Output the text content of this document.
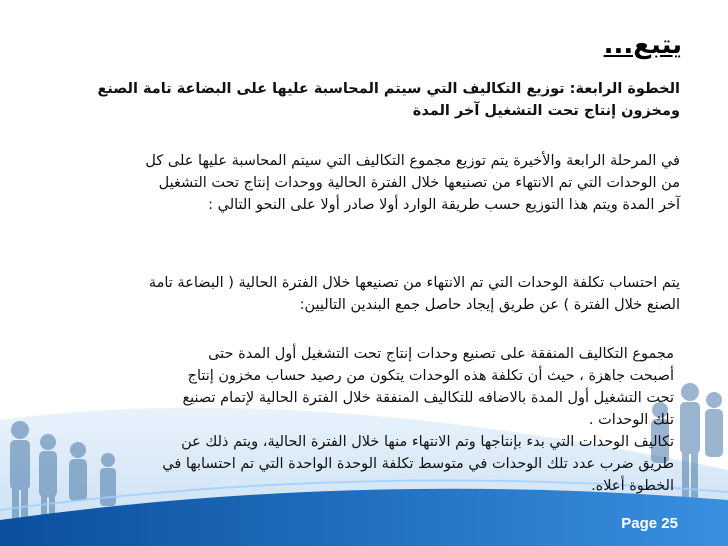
يتبع...
الخطوة الرابعة: توزيع التكاليف التي سيتم المحاسبة عليها على البضاعة تامة الصنع
ومخزون إنتاج تحت التشغيل آخر المدة
في المرحلة الرابعة والأخيرة يتم توزيع مجموع التكاليف التي سيتم المحاسبة عليها على كل
من الوحدات التي تم الانتهاء من تصنيعها خلال الفترة الحالية ووحدات إنتاج تحت التشغيل
آخر المدة ويتم هذا التوزيع حسب طريقة الوارد أولا صادر أولا على النحو التالي :
يتم احتساب تكلفة الوحدات التي تم الانتهاء من تصنيعها خلال الفترة الحالية ( البضاعة تامة
الصنع خلال الفترة ) عن طريق إيجاد حاصل جمع البندين التاليين:
مجموع التكاليف المنفقة على تصنيع وحدات إنتاج تحت التشغيل أول المدة حتى
أصبحت جاهزة ، حيث أن تكلفة هذه الوحدات يتكون من رصيد حساب مخزون إنتاج
تحت التشغيل أول المدة بالاضافه للتكاليف المنفقة خلال الفترة الحالية لإتمام تصنيع
تلك الوحدات .
تكاليف الوحدات التي بدء بإنتاجها وتم الانتهاء منها خلال الفترة الحالية، ويتم ذلك عن
طريق ضرب عدد تلك الوحدات في متوسط تكلفة الوحدة الواحدة التي تم احتسابها في
الخطوة أعلاه.
Page 25
